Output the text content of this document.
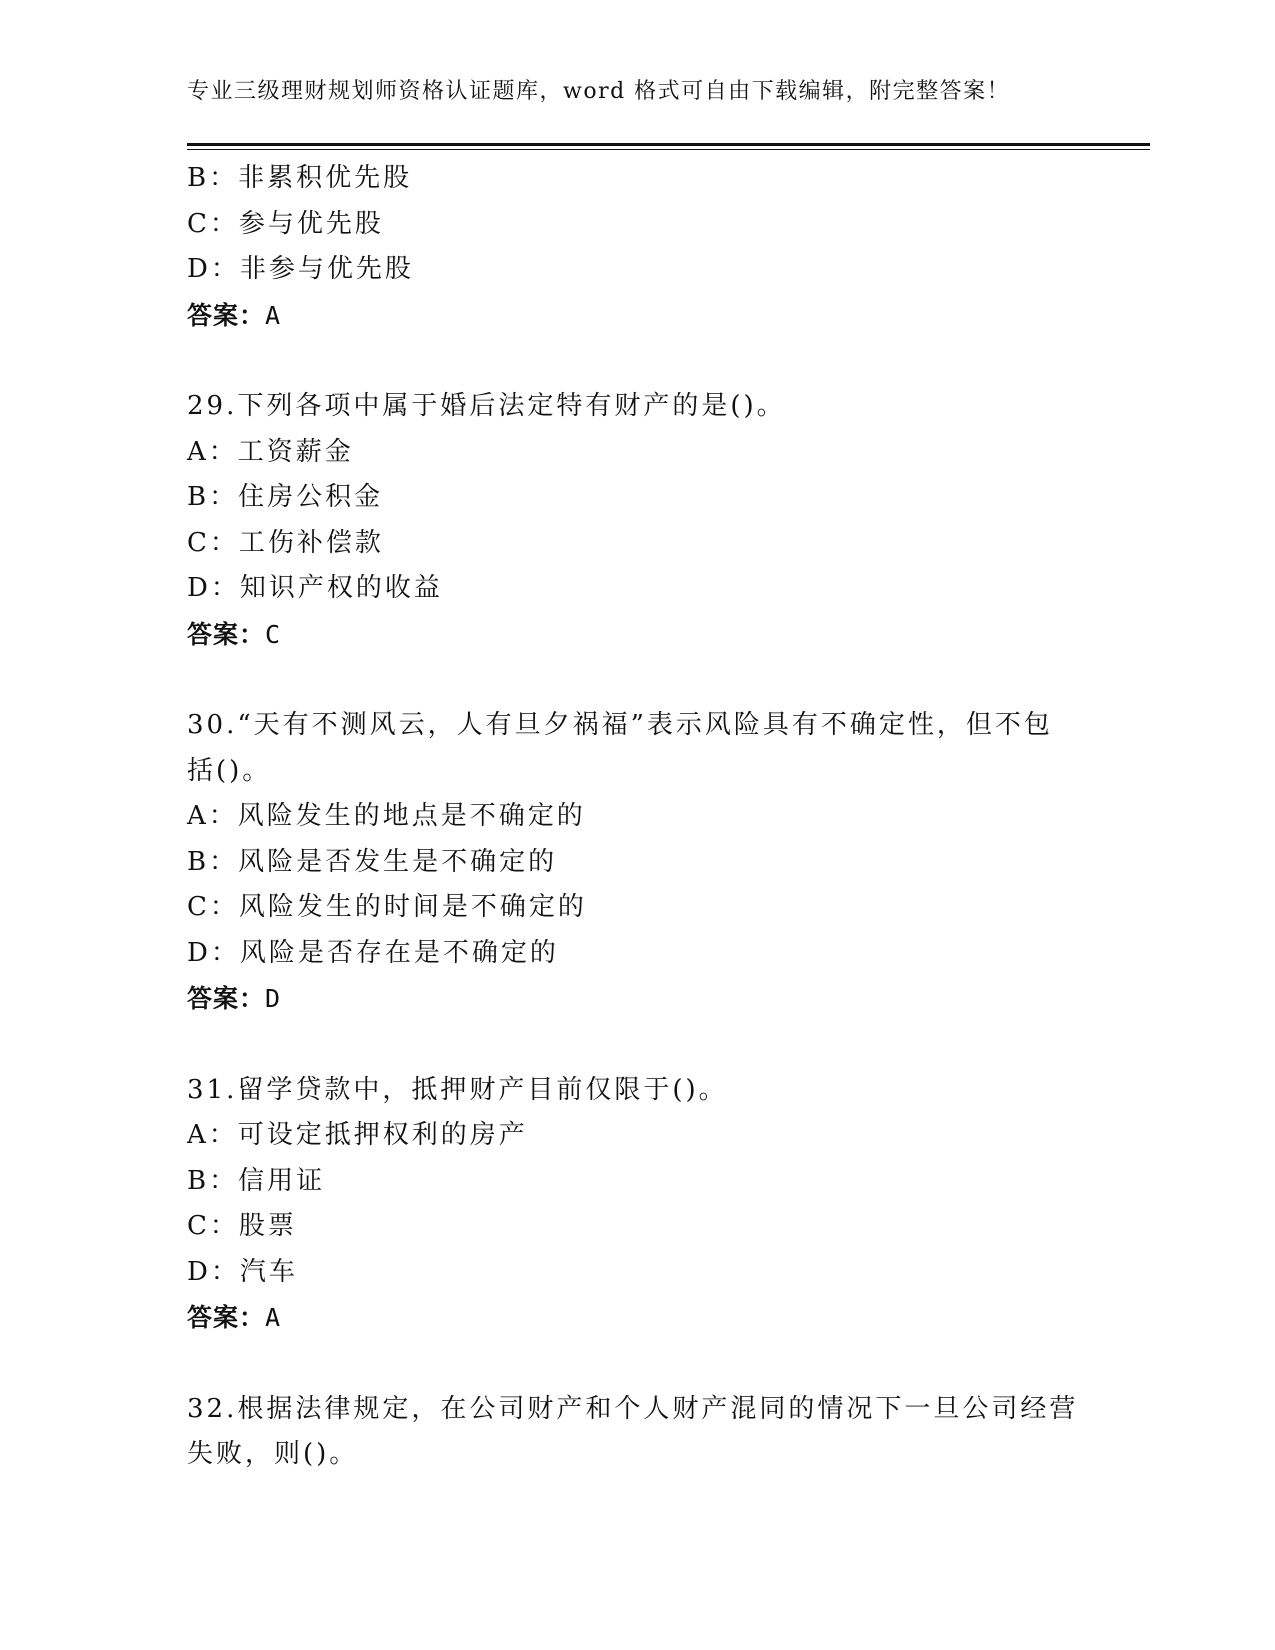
专业三级理财规划师资格认证题库，word 格式可自由下载编辑，附完整答案！

B：非累积优先股

C：参与优先股

D：非参与优先股

答案：A

29.下列各项中属于婚后法定特有财产的是()。

A：工资薪金

B：住房公积金

C：工伤补偿款

D：知识产权的收益

答案：C

30.“天有不测风云，人有旦夕祸福”表示风险具有不确定性，但不包

括()。

A：风险发生的地点是不确定的

B：风险是否发生是不确定的

C：风险发生的时间是不确定的

D：风险是否存在是不确定的

答案：D

31.留学贷款中，抵押财产目前仅限于()。

A：可设定抵押权利的房产

B：信用证

C：股票

D：汽车

答案：A

32.根据法律规定，在公司财产和个人财产混同的情况下一旦公司经营

失败，则()。
